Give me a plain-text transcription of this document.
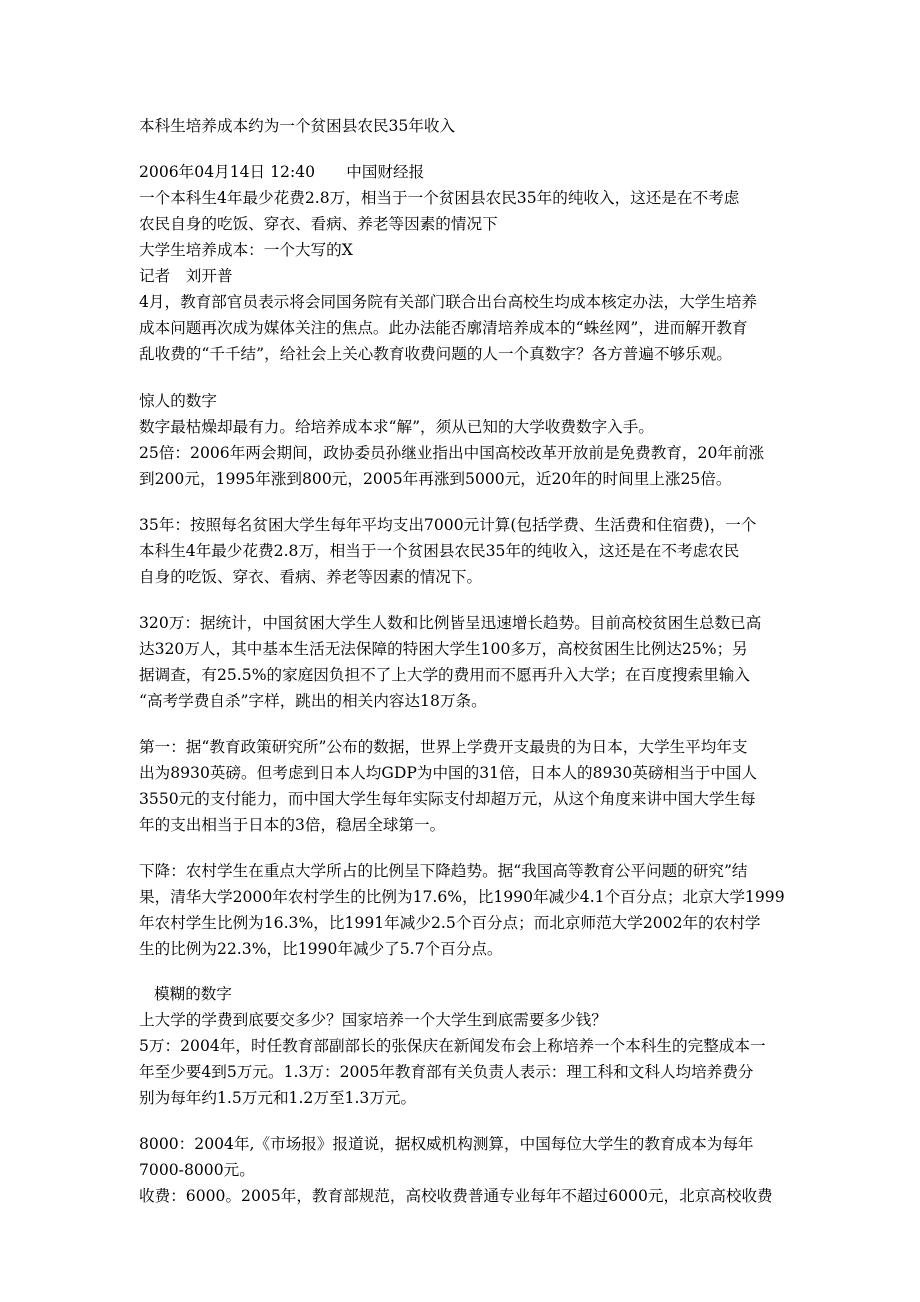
本科生培养成本约为一个贫困县农民35年收入
2006年04月14日 12:40　　中国财经报
一个本科生4年最少花费2.8万，相当于一个贫困县农民35年的纯收入，这还是在不考虑
农民自身的吃饭、穿衣、看病、养老等因素的情况下
大学生培养成本：一个大写的X
记者　刘开普
4月，教育部官员表示将会同国务院有关部门联合出台高校生均成本核定办法，大学生培养
成本问题再次成为媒体关注的焦点。此办法能否廓清培养成本的“蛛丝网”，进而解开教育
乱收费的“千千结”，给社会上关心教育收费问题的人一个真数字？各方普遍不够乐观。
惊人的数字
数字最枯燥却最有力。给培养成本求“解”，须从已知的大学收费数字入手。
25倍：2006年两会期间，政协委员孙继业指出中国高校改革开放前是免费教育，20年前涨
到200元，1995年涨到800元，2005年再涨到5000元，近20年的时间里上涨25倍。
35年：按照每名贫困大学生每年平均支出7000元计算(包括学费、生活费和住宿费)，一个
本科生4年最少花费2.8万，相当于一个贫困县农民35年的纯收入，这还是在不考虑农民
自身的吃饭、穿衣、看病、养老等因素的情况下。
320万：据统计，中国贫困大学生人数和比例皆呈迅速增长趋势。目前高校贫困生总数已高
达320万人，其中基本生活无法保障的特困大学生100多万，高校贫困生比例达25%；另
据调查，有25.5%的家庭因负担不了上大学的费用而不愿再升入大学；在百度搜索里输入
“高考学费自杀”字样，跳出的相关内容达18万条。
第一：据“教育政策研究所”公布的数据，世界上学费开支最贵的为日本，大学生平均年支
出为8930英磅。但考虑到日本人均GDP为中国的31倍，日本人的8930英磅相当于中国人
3550元的支付能力，而中国大学生每年实际支付却超万元，从这个角度来讲中国大学生每
年的支出相当于日本的3倍，稳居全球第一。
下降：农村学生在重点大学所占的比例呈下降趋势。据“我国高等教育公平问题的研究”结
果，清华大学2000年农村学生的比例为17.6%，比1990年减少4.1个百分点；北京大学1999
年农村学生比例为16.3%，比1991年减少2.5个百分点；而北京师范大学2002年的农村学
生的比例为22.3%，比1990年减少了5.7个百分点。
模糊的数字
上大学的学费到底要交多少？国家培养一个大学生到底需要多少钱？
5万：2004年，时任教育部副部长的张保庆在新闻发布会上称培养一个本科生的完整成本一
年至少要4到5万元。1.3万：2005年教育部有关负责人表示：理工科和文科人均培养费分
别为每年约1.5万元和1.2万至1.3万元。
8000：2004年,《市场报》报道说，据权威机构测算，中国每位大学生的教育成本为每年
7000-8000元。
收费：6000。2005年，教育部规范，高校收费普通专业每年不超过6000元，北京高校收费
